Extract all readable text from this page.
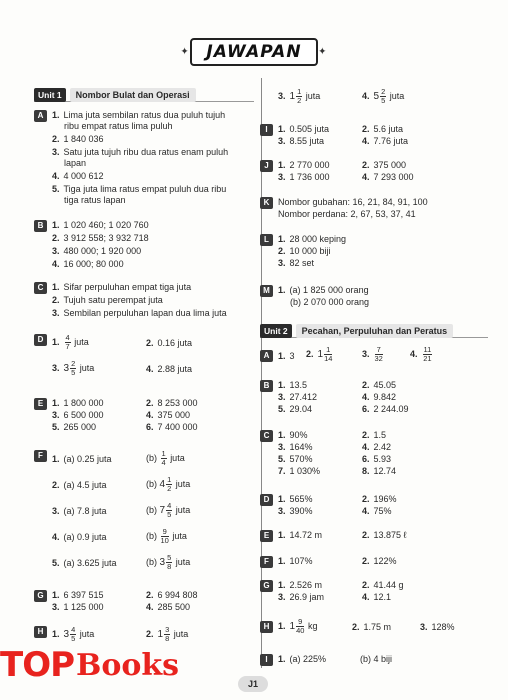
✦ JAWAPAN ✦
Unit 1	Nombor Bulat dan Operasi
A 1. Lima juta sembilan ratus dua puluh tujuh
ribu empat ratus lima puluh
2. 1 840 036
3. Satu juta tujuh ribu dua ratus enam puluh
lapan
4. 4 000 612
5. Tiga juta lima ratus empat puluh dua ribu
tiga ratus lapan
B 1. 1 020 460; 1 020 760
2. 3 912 558; 3 932 718
3. 480 000; 1 920 000
4. 16 000; 80 000
C 1. Sifar perpuluhan empat tiga juta
2. Tujuh satu perempat juta
3. Sembilan perpuluhan lapan dua lima juta
D 1. $\frac{4}{7}$ juta	2. 0.16 juta
3. $3 \frac{2}{5}$ juta	4. 2.88 juta
E 1. 1 800 000	2. 8 253 000
3. 6 500 000	4. 375 000
5. 265 000	6. 7 400 000
F	1. (a) 0.25 juta	$(b) \frac{1}{4}$ juta
2. (a) 4.5 juta	(b) $4 \frac{1}{2}$ juta
3. (a) 7.8 juta	(b) $7 \frac{4}{5}$ juta
4. (a) 0.9 juta	$(b) \frac{9}{10}$ juta
5. (a) 3.625 juta	(b) $3 \frac{5}{8}$ juta
G 1. 6 397 515	2. 6 994 808
3. 1 125 000	4. 285 500
H 1. $3 \frac{4}{5}$ juta	2. $1 \frac{3}{8}$ juta
3. $1 \frac{1}{2}$ juta	4. $5 \frac{2}{5}$ juta
I	1. 0.505 juta	2. 5.6 juta
3. 8.55 juta	4. 7.76 juta
J	1. 2 770 000	2. 375 000
3. 1 736 000	4. 7 293 000
K Nombor gubahan: 16, 21, 84, 91, 100
Nombor perdana: 2, 67, 53, 37, 41
L	1. 28 000 keping
2. 10 000 biji
3. 82 set
M 1. (a) 1 825 000 orang
(b) 2 070 000 orang
Unit 2	Pecahan, Perpuluhan dan Peratus
A 1. 3 2. $1 \frac{1}{14}$	3. $\frac{7}{32}$	4. $\frac{11}{21}$
B 1. 13.5	2. 45.05
3. 27.412	4. 9.842
5. 29.04	6. 2 244.09
C 1. 90%	2. 1.5
3. 164%	4. 2.42
5. 570%	6. 5.93
7. 1 030%	8. 12.74
D 1. 565%	2. 196%
3. 390%	4. 75%
E 1. 14.72 m	2. 13.875 ℓ
F	1. 107%	2. 122%
G 1. 2.526 m	2. 41.44 g
3. 26.9 jam	4. 12.1
H 1. $1 \frac{9}{40}$ kg	2. 1.75 m	3. 128%
I	1. (a) 225%	(b) 4 biji
TOP Books
J1
